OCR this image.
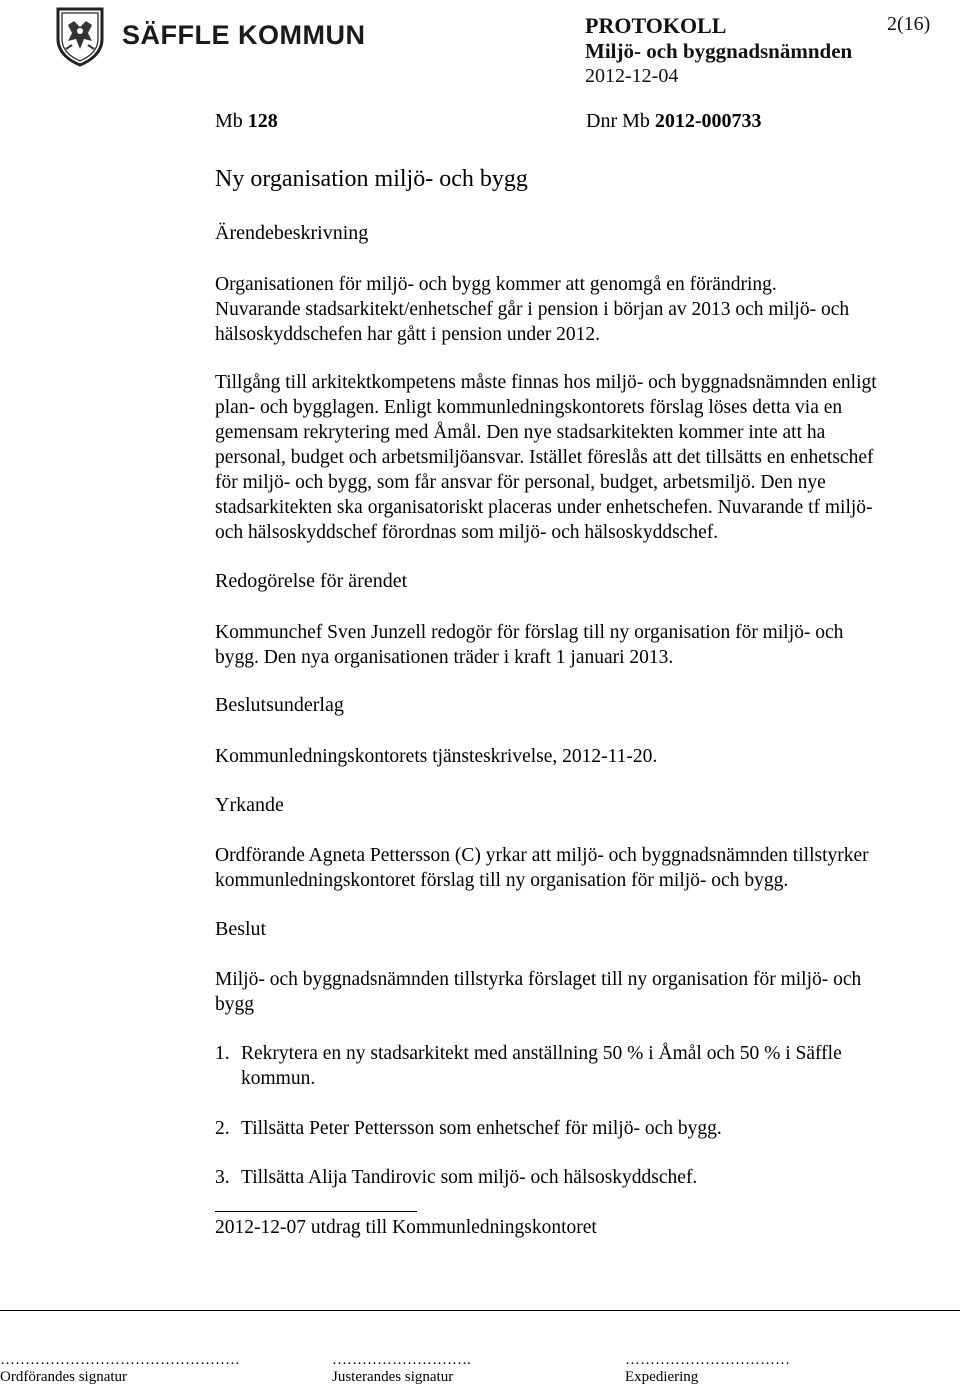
SÄFFLE KOMMUN	PROTOKOLL	2(16)
Miljö- och byggnadsnämnden
2012-12-04
Mb 128	Dnr Mb 2012-000733
Ny organisation miljö- och bygg
Ärendebeskrivning
Organisationen för miljö- och bygg kommer att genomgå en förändring.
Nuvarande stadsarkitekt/enhetschef går i pension i början av 2013 och miljö- och
hälsoskyddschefen har gått i pension under 2012.
Tillgång till arkitektkompetens måste finnas hos miljö- och byggnadsnämnden enligt
plan- och bygglagen. Enligt kommunledningskontorets förslag löses detta via en
gemensam rekrytering med Åmål. Den nye stadsarkitekten kommer inte att ha
personal, budget och arbetsmiljöansvar. Istället föreslås att det tillsätts en enhetschef
för miljö- och bygg, som får ansvar för personal, budget, arbetsmiljö. Den nye
stadsarkitekten ska organisatoriskt placeras under enhetschefen. Nuvarande tf miljö-
och hälsoskyddschef förordnas som miljö- och hälsoskyddschef.
Redogörelse för ärendet
Kommunchef Sven Junzell redogör för förslag till ny organisation för miljö- och
bygg. Den nya organisationen träder i kraft 1 januari 2013.
Beslutsunderlag
Kommunledningskontorets tjänsteskrivelse, 2012-11-20.
Yrkande
Ordförande Agneta Pettersson (C) yrkar att miljö- och byggnadsnämnden tillstyrker
kommunledningskontoret förslag till ny organisation för miljö- och bygg.
Beslut
Miljö- och byggnadsnämnden tillstyrka förslaget till ny organisation för miljö- och
bygg
1. Rekrytera en ny stadsarkitekt med anställning 50 % i Åmål och 50 % i Säffle
kommun.
2. Tillsätta Peter Pettersson som enhetschef för miljö- och bygg.
3. Tillsätta Alija Tandirovic som miljö- och hälsoskyddschef.
2012-12-07 utdrag till Kommunledningskontoret
…………………………………………
Ordförandes signatur
……………………….
Justerandes signatur
……………………………
Expediering
